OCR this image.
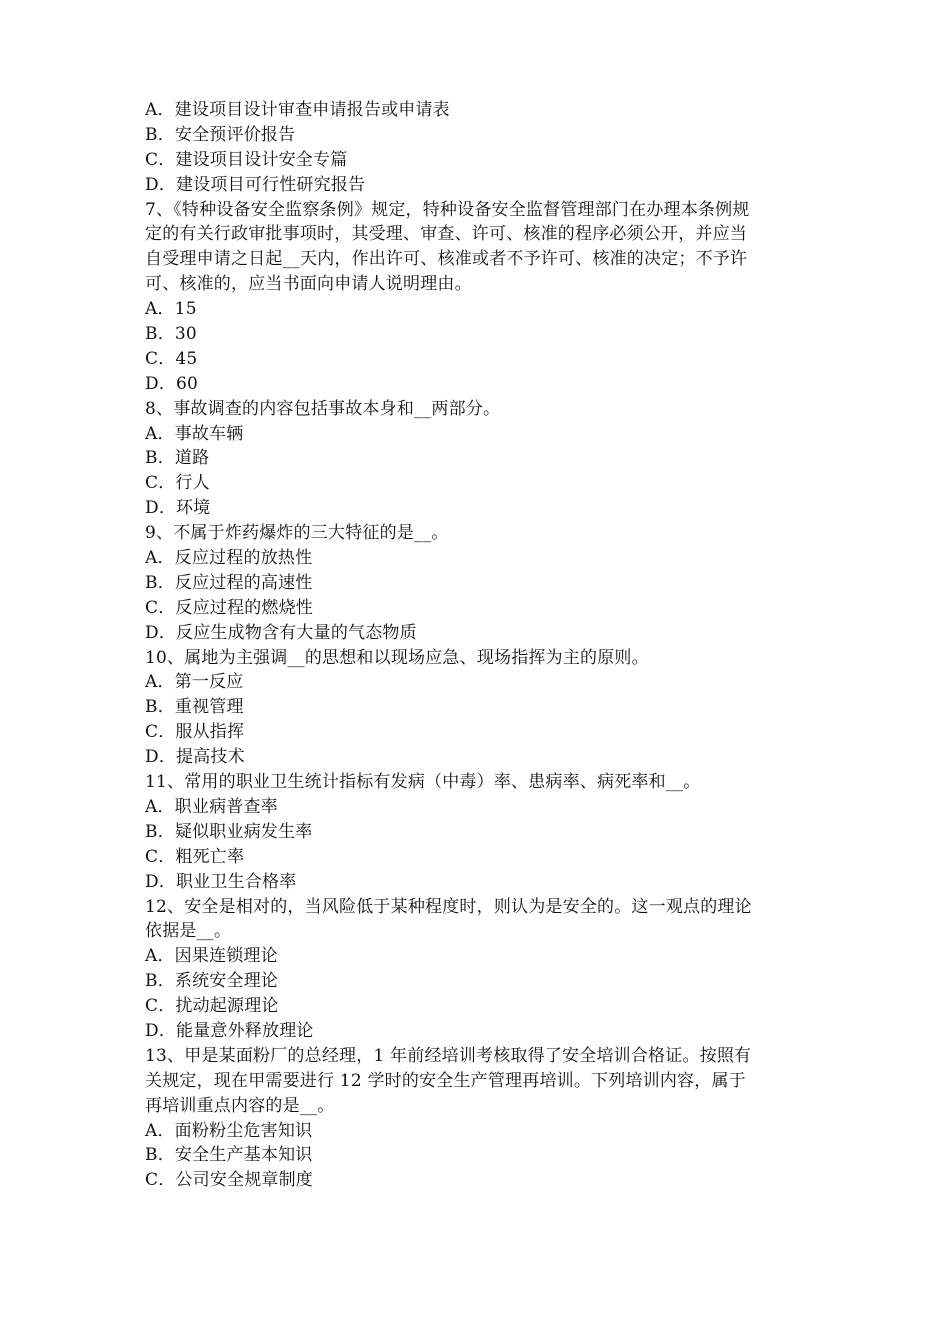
A．建设项目设计审查申请报告或申请表
B．安全预评价报告
C．建设项目设计安全专篇
D．建设项目可行性研究报告
7、《特种设备安全监察条例》规定，特种设备安全监督管理部门在办理本条例规
定的有关行政审批事项时，其受理、审查、许可、核准的程序必须公开，并应当
自受理申请之日起__天内，作出许可、核准或者不予许可、核准的决定；不予许
可、核准的，应当书面向申请人说明理由。
A．15
B．30
C．45
D．60
8、事故调查的内容包括事故本身和__两部分。
A．事故车辆
B．道路
C．行人
D．环境
9、不属于炸药爆炸的三大特征的是__。
A．反应过程的放热性
B．反应过程的高速性
C．反应过程的燃烧性
D．反应生成物含有大量的气态物质
10、属地为主强调__的思想和以现场应急、现场指挥为主的原则。
A．第一反应
B．重视管理
C．服从指挥
D．提高技术
11、常用的职业卫生统计指标有发病（中毒）率、患病率、病死率和__。
A．职业病普查率
B．疑似职业病发生率
C．粗死亡率
D．职业卫生合格率
12、安全是相对的，当风险低于某种程度时，则认为是安全的。这一观点的理论
依据是__。
A．因果连锁理论
B．系统安全理论
C．扰动起源理论
D．能量意外释放理论
13、甲是某面粉厂的总经理，1 年前经培训考核取得了安全培训合格证。按照有
关规定，现在甲需要进行 12 学时的安全生产管理再培训。下列培训内容，属于
再培训重点内容的是__。
A．面粉粉尘危害知识
B．安全生产基本知识
C．公司安全规章制度
